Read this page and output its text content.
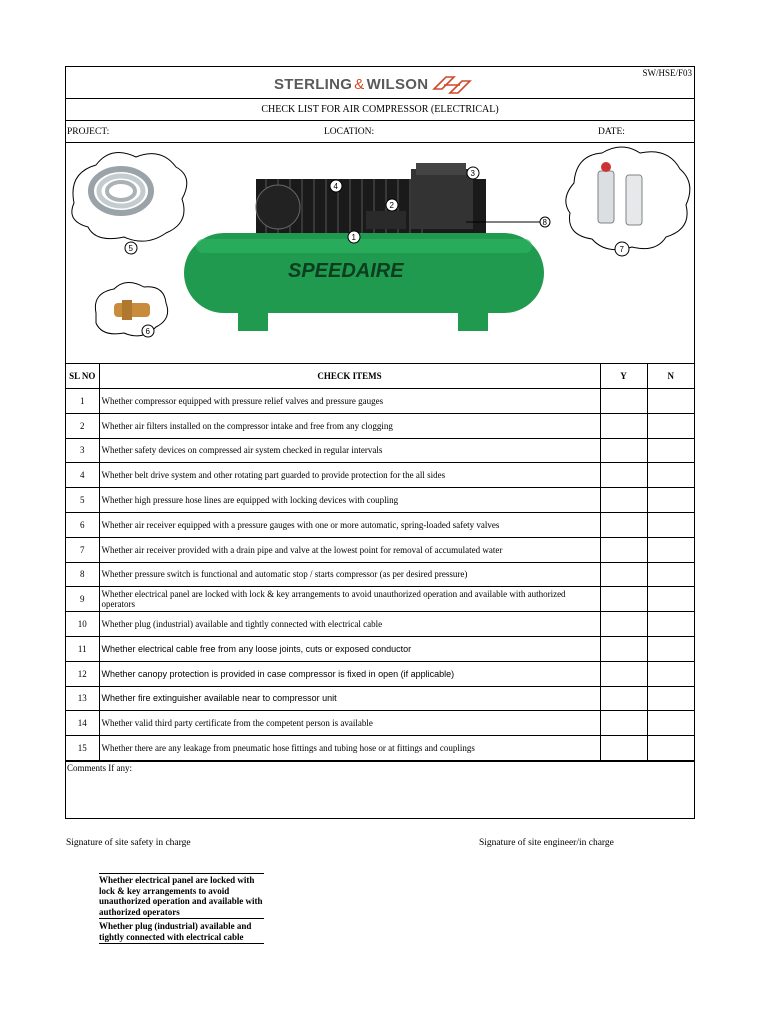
STERLING & WILSON
SW/HSE/F03
CHECK LIST FOR AIR COMPRESSOR (ELECTRICAL)
PROJECT:	LOCATION:	DATE:
5
6
7
SPEEDAIRE
1
2
3
4
8
SL NO	CHECK ITEMS	Y	N
1	Whether compressor equipped with pressure relief valves and pressure gauges		
2	Whether air filters installed on the compressor intake and free from any clogging		
3	Whether safety devices on compressed air system checked in regular intervals		
4	Whether belt drive system and other rotating part guarded to provide protection for the all sides		
5	Whether high pressure hose lines are equipped with locking devices with coupling		
6	Whether air receiver equipped with a pressure gauges with one or more automatic, spring-loaded safety valves		
7	Whether air receiver provided with a drain pipe and valve at the lowest point for removal of accumulated water		
8	Whether pressure switch is functional and automatic stop / starts compressor (as per desired pressure)		
9	Whether electrical panel are locked with lock & key arrangements to avoid unauthorized operation and available with authorized operators		
10	Whether plug (industrial) available and tightly connected with electrical cable		
11	Whether electrical cable free from any loose joints, cuts or exposed conductor		
12	Whether canopy protection is provided in case compressor is fixed in open (if applicable)		
13	Whether fire extinguisher available near to compressor unit		
14	Whether valid third party certificate from the competent person is available		
15	Whether there are any leakage from pneumatic hose fittings and tubing hose or at fittings and couplings		
Comments If any:
Signature of site safety in charge	Signature of site engineer/in charge
Whether electrical panel are locked with lock & key arrangements to avoid unauthorized operation and available with authorized operators
Whether plug (industrial) available and tightly connected with electrical cable
